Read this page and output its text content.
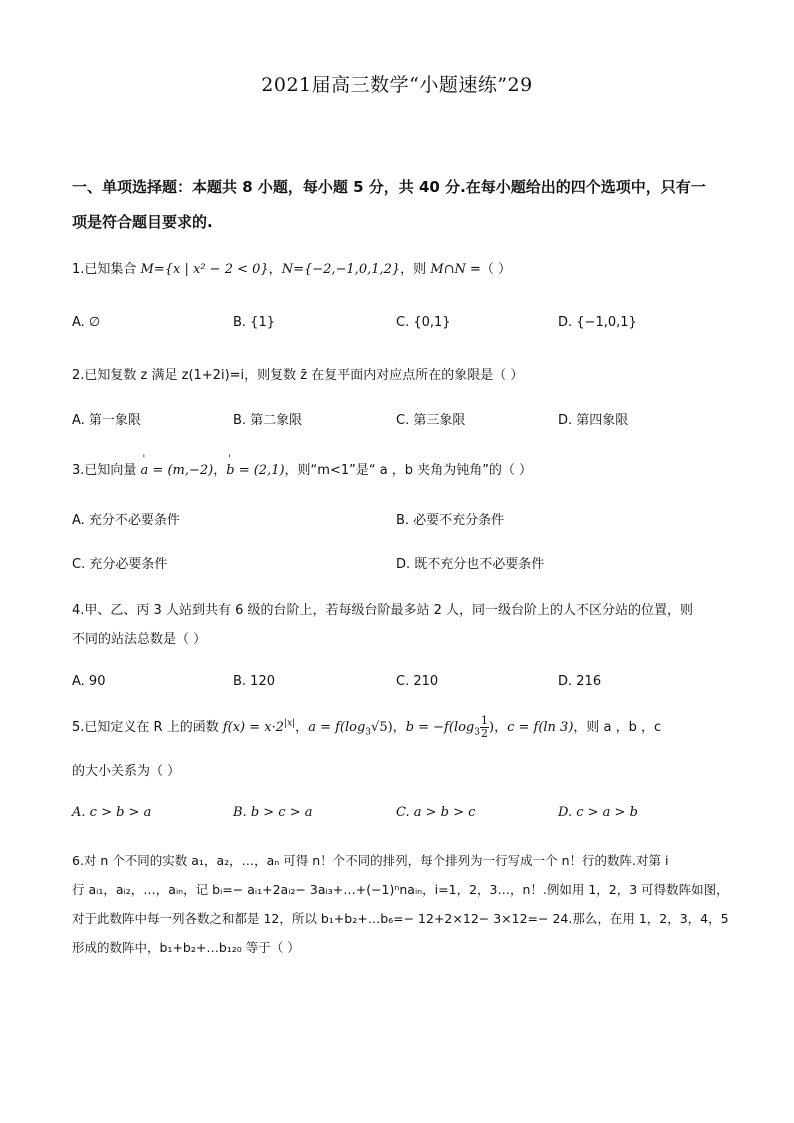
2021届高三数学“小题速练”29
一、单项选择题：本题共 8 小题，每小题 5 分，共 40 分.在每小题给出的四个选项中，只有一
项是符合题目要求的.
1.已知集合 M={x | x² − 2 < 0}，N={−2,−1,0,1,2}，则 M∩N =（ ）
A. ∅	B. {1}	C. {0,1}	D. {−1,0,1}
2.已知复数 z 满足 z(1+2i)=i，则复数 z̄ 在复平面内对应点所在的象限是（ ）
A. 第一象限	B. 第二象限	C. 第三象限	D. 第四象限
3.已知向量 ' a = (m,−2)，' b = (2,1)，则“m<1”是“ a ，b 夹角为钝角”的（ ）
A. 充分不必要条件	B. 必要不充分条件
C. 充分必要条件	D. 既不充分也不必要条件
4.甲、乙、丙 3 人站到共有 6 级的台阶上，若每级台阶最多站 2 人，同一级台阶上的人不区分站的位置，则
不同的站法总数是（ ）
A. 90	B. 120	C. 210	D. 216
5.已知定义在 R 上的函数 $f(x) = x\cdot 2^{|x|}$，$a = f(\log_3√5)$，$b = -f(\log_3 \frac{1}{2}$ )，c = f(ln 3)，则 a ，b ，c
的大小关系为（ ）
A. c > b > a	B. b > c > a	C. a > b > c	D. c > a > b
6.对 n 个不同的实数 a₁，a₂，…，aₙ 可得 n！个不同的排列，每个排列为一行写成一个 n！行的数阵.对第 i
行 aᵢ₁，aᵢ₂，…，aᵢₙ，记 bᵢ=− aᵢ₁+2aᵢ₂− 3aᵢ₃+…+(−1)ⁿnaᵢₙ，i=1，2，3…，n！.例如用 1，2，3 可得数阵如图，
对于此数阵中每一列各数之和都是 12，所以 b₁+b₂+…b₆=− 12+2×12− 3×12=− 24.那么，在用 1，2，3，4，5
形成的数阵中，b₁+b₂+…b₁₂₀ 等于（ ）
